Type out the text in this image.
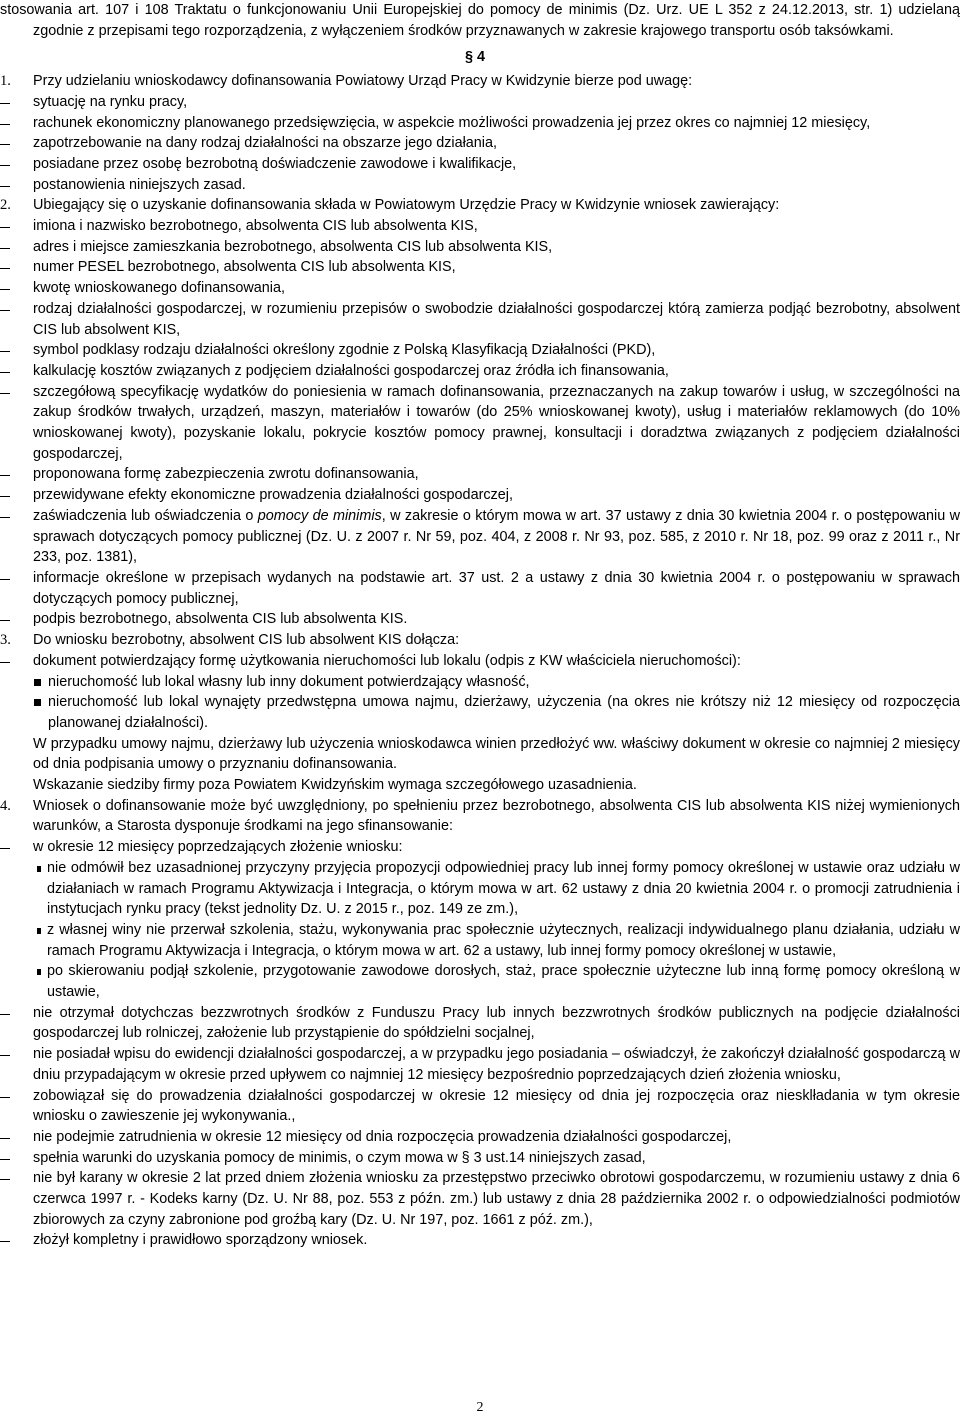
stosowania art. 107 i 108 Traktatu o funkcjonowaniu Unii Europejskiej do pomocy de minimis (Dz. Urz. UE L 352 z 24.12.2013, str. 1) udzielaną zgodnie z przepisami tego rozporządzenia, z wyłączeniem środków przyznawanych w zakresie krajowego transportu osób taksówkami.
§ 4
1. Przy udzielaniu wnioskodawcy dofinansowania Powiatowy Urząd Pracy w Kwidzynie bierze pod uwagę:
sytuację na rynku pracy,
rachunek ekonomiczny planowanego przedsięwzięcia, w aspekcie możliwości prowadzenia jej przez okres co najmniej 12 miesięcy,
zapotrzebowanie na dany rodzaj działalności na obszarze jego działania,
posiadane przez osobę bezrobotną doświadczenie zawodowe i kwalifikacje,
postanowienia niniejszych zasad.
2. Ubiegający się o uzyskanie dofinansowania składa w Powiatowym Urzędzie Pracy w Kwidzynie wniosek zawierający:
imiona i nazwisko bezrobotnego, absolwenta CIS lub absolwenta KIS,
adres i miejsce zamieszkania bezrobotnego, absolwenta CIS lub absolwenta KIS,
numer PESEL bezrobotnego, absolwenta CIS lub absolwenta KIS,
kwotę wnioskowanego dofinansowania,
rodzaj działalności gospodarczej, w rozumieniu przepisów o swobodzie działalności gospodarczej którą zamierza podjąć bezrobotny, absolwent CIS lub absolwent KIS,
symbol podklasy rodzaju działalności określony zgodnie z Polską Klasyfikacją Działalności (PKD),
kalkulację kosztów związanych z podjęciem działalności gospodarczej oraz źródła ich finansowania,
szczegółową specyfikację wydatków do poniesienia w ramach dofinansowania, przeznaczanych na zakup towarów i usług, w szczególności na zakup środków trwałych, urządzeń, maszyn, materiałów i towarów (do 25% wnioskowanej kwoty), usług i materiałów reklamowych (do 10% wnioskowanej kwoty), pozyskanie lokalu, pokrycie kosztów pomocy prawnej, konsultacji i doradztwa związanych z podjęciem działalności gospodarczej,
proponowana formę zabezpieczenia zwrotu dofinansowania,
przewidywane efekty ekonomiczne prowadzenia działalności gospodarczej,
zaświadczenia lub oświadczenia o pomocy de minimis, w zakresie o którym mowa w art. 37 ustawy z dnia 30 kwietnia 2004 r. o postępowaniu w sprawach dotyczących pomocy publicznej (Dz. U. z 2007 r. Nr 59, poz. 404, z 2008 r. Nr 93, poz. 585, z 2010 r. Nr 18, poz. 99 oraz z 2011 r., Nr 233, poz. 1381),
informacje określone w przepisach wydanych na podstawie art. 37 ust. 2 a ustawy z dnia 30 kwietnia 2004 r. o postępowaniu w sprawach dotyczących pomocy publicznej,
podpis bezrobotnego, absolwenta CIS lub absolwenta KIS.
3. Do wniosku bezrobotny, absolwent CIS lub absolwent KIS dołącza:
dokument potwierdzający formę użytkowania nieruchomości lub lokalu (odpis z KW właściciela nieruchomości):
nieruchomość lub lokal własny lub inny dokument potwierdzający własność,
nieruchomość lub lokal wynajęty przedwstępna umowa najmu, dzierżawy, użyczenia (na okres nie krótszy niż 12 miesięcy od rozpoczęcia planowanej działalności).
W przypadku umowy najmu, dzierżawy lub użyczenia wnioskodawca winien przedłożyć ww. właściwy dokument w okresie co najmniej 2 miesięcy od dnia podpisania umowy o przyznaniu dofinansowania.
Wskazanie siedziby firmy poza Powiatem Kwidzyńskim wymaga szczegółowego uzasadnienia.
4. Wniosek o dofinansowanie może być uwzględniony, po spełnieniu przez bezrobotnego, absolwenta CIS lub absolwenta KIS niżej wymienionych warunków, a Starosta dysponuje środkami na jego sfinansowanie:
w okresie 12 miesięcy poprzedzających złożenie wniosku:
nie odmówił bez uzasadnionej przyczyny przyjęcia propozycji odpowiedniej pracy lub innej formy pomocy określonej w ustawie oraz udziału w działaniach w ramach Programu Aktywizacja i Integracja, o którym mowa w art. 62 ustawy z dnia 20 kwietnia 2004 r. o promocji zatrudnienia i instytucjach rynku pracy (tekst jednolity Dz. U. z 2015 r., poz. 149 ze zm.),
z własnej winy nie przerwał szkolenia, stażu, wykonywania prac społecznie użytecznych, realizacji indywidualnego planu działania, udziału w ramach Programu Aktywizacja i Integracja, o którym mowa w art. 62 a ustawy, lub innej formy pomocy określonej w ustawie,
po skierowaniu podjął szkolenie, przygotowanie zawodowe dorosłych, staż, prace społecznie użyteczne lub inną formę pomocy określoną w ustawie,
nie otrzymał dotychczas bezzwrotnych środków z Funduszu Pracy lub innych bezzwrotnych środków publicznych na podjęcie działalności gospodarczej lub rolniczej, założenie lub przystąpienie do spółdzielni socjalnej,
nie posiadał wpisu do ewidencji działalności gospodarczej, a w przypadku jego posiadania – oświadczył, że zakończył działalność gospodarczą w dniu przypadającym w okresie przed upływem co najmniej 12 miesięcy bezpośrednio poprzedzających dzień złożenia wniosku,
zobowiązał się do prowadzenia działalności gospodarczej w okresie 12 miesięcy od dnia jej rozpoczęcia oraz niesklładania w tym okresie wniosku o zawieszenie jej wykonywania.,
nie podejmie zatrudnienia w okresie 12 miesięcy od dnia rozpoczęcia prowadzenia działalności gospodarczej,
spełnia warunki do uzyskania pomocy de minimis, o czym mowa w § 3 ust.14 niniejszych zasad,
nie był karany w okresie 2 lat przed dniem złożenia wniosku za przestępstwo przeciwko obrotowi gospodarczemu, w rozumieniu ustawy z dnia 6 czerwca 1997 r. - Kodeks karny (Dz. U. Nr 88, poz. 553 z późn. zm.) lub ustawy z dnia 28 października 2002 r. o odpowiedzialności podmiotów zbiorowych za czyny zabronione pod groźbą kary (Dz. U. Nr 197, poz. 1661 z póź. zm.),
złożył kompletny i prawidłowo sporządzony wniosek.
2
